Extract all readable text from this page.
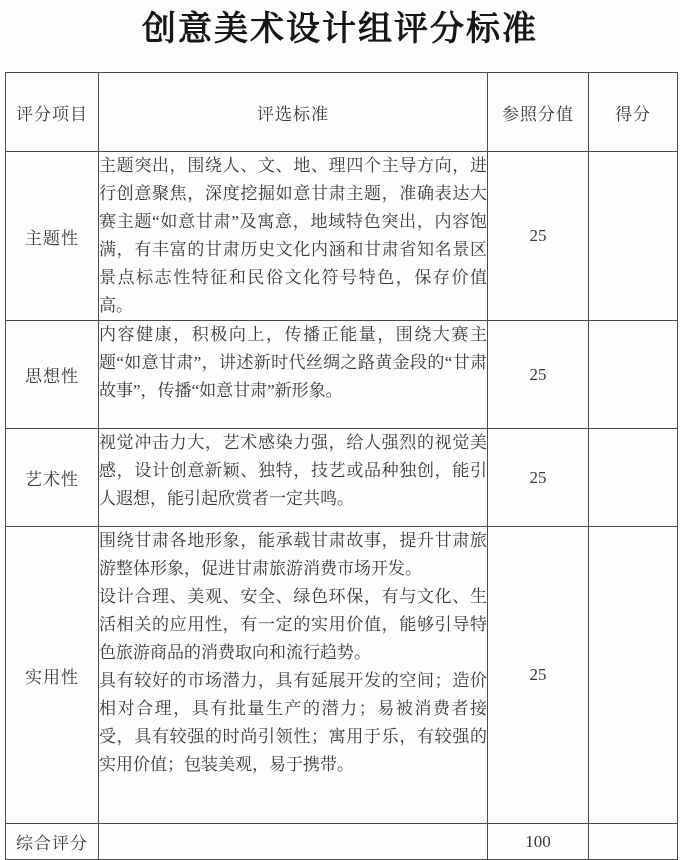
创意美术设计组评分标准
评分项目	评选标准	参照分值	得分
主题性	主题突出，围绕人、文、地、理四个主导方向，进行创意聚焦，深度挖掘如意甘肃主题，准确表达大赛主题“如意甘肃”及寓意，地域特色突出，内容饱满，有丰富的甘肃历史文化内涵和甘肃省知名景区景点标志性特征和民俗文化符号特色，保存价值高。	25	
思想性	内容健康，积极向上，传播正能量，围绕大赛主题“如意甘肃”，讲述新时代丝绸之路黄金段的“甘肃故事”，传播“如意甘肃”新形象。	25	
艺术性	视觉冲击力大，艺术感染力强，给人强烈的视觉美感，设计创意新颖、独特，技艺或品种独创，能引人遐想，能引起欣赏者一定共鸣。	25	
实用性	围绕甘肃各地形象，能承载甘肃故事，提升甘肃旅游整体形象，促进甘肃旅游消费市场开发。

设计合理、美观、安全、绿色环保，有与文化、生活相关的应用性，有一定的实用价值，能够引导特色旅游商品的消费取向和流行趋势。

具有较好的市场潜力，具有延展开发的空间；造价相对合理，具有批量生产的潜力；易被消费者接受，具有较强的时尚引领性；寓用于乐，有较强的实用价值；包装美观，易于携带。	25	
综合评分		100	
